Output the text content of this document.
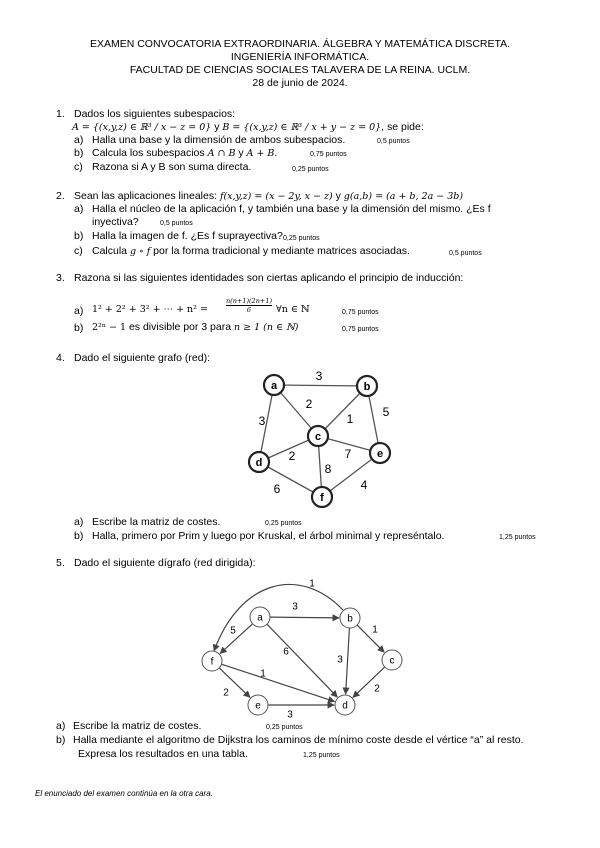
EXAMEN CONVOCATORIA EXTRAORDINARIA. ÁLGEBRA Y MATEMÁTICA DISCRETA.
INGENIERÍA INFORMÁTICA.
FACULTAD DE CIENCIAS SOCIALES TALAVERA DE LA REINA. UCLM.
28 de junio de 2024.
1. Dados los siguientes subespacios:
A = {(x,y,z) ∈ ℝ³ / x − z = 0} y B = {(x,y,z) ∈ ℝ³ / x + y − z = 0}, se pide:
a) Halla una base y la dimensión de ambos subespacios.	0,5 puntos
b) Calcula los subespacios A ∩ B y A + B.	0,75 puntos
c) Razona si A y B son suma directa.	0,25 puntos
2. Sean las aplicaciones lineales: f(x,y,z) = (x − 2y, x − z) y g(a,b) = (a + b, 2a − 3b)
a) Halla el núcleo de la aplicación f, y también una base y la dimensión del mismo. ¿Es f
inyectiva?	0,5 puntos
b) Halla la imagen de f. ¿Es f suprayectiva? 0,25 puntos
c) Calcula g ∘ f por la forma tradicional y mediante matrices asociadas.	0,5 puntos
3. Razona si las siguientes identidades son ciertas aplicando el principio de inducción:
a) 1² + 2² + 3² + ⋯ + n² =	$\frac{n(n+1)(2n+1)}{6}$ ∀n ∈ ℕ	0,75 puntos
b) 2²ⁿ − 1 es divisible por 3 para n ≥ 1 (n ∈ ℕ)	0,75 puntos
4. Dado el siguiente grafo (red):
3
2
3	1 5
2	7
8
6	4
a	b
c
d
e
f
a) Escribe la matriz de costes.	0,25 puntos
b) Halla, primero por Prim y luego por Kruskal, el árbol minimal y represéntalo.	1,25 puntos
5. Dado el siguiente dígrafo (red dirigida):
3
5
6
1
1
3
2
1
2
3
a	b
c
d
e
f
a) Escribe la matriz de costes.	0,25 puntos
b) Halla mediante el algoritmo de Dijkstra los caminos de mínimo coste desde el vértice “a” al resto.
Expresa los resultados en una tabla.	1,25 puntos
El enunciado del examen continúa en la otra cara.
